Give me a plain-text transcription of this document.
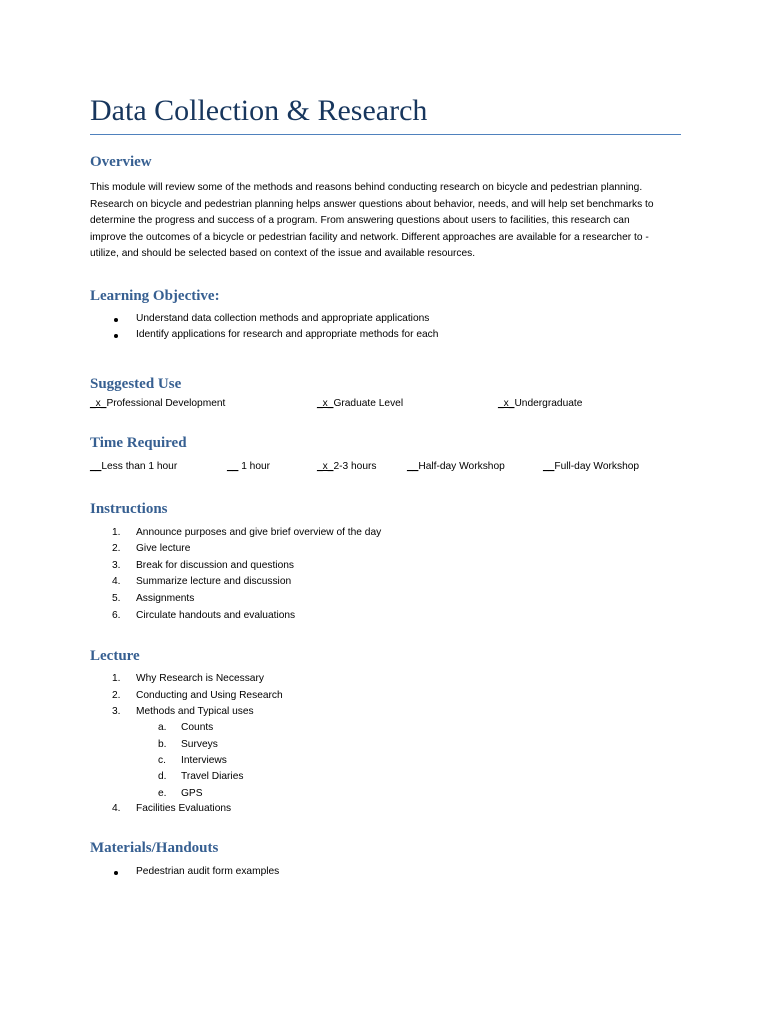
Data Collection & Research
Overview
This module will review some of the methods and reasons behind conducting research on bicycle and pedestrian planning.
Research on bicycle and pedestrian planning helps answer questions about behavior, needs, and will help set benchmarks to
determine the progress and success of a program. From answering questions about users to facilities, this research can
improve the outcomes of a bicycle or pedestrian facility and network. Different approaches are available for a researcher to -
utilize, and should be selected based on context of the issue and available resources.
Learning Objective:
Understand data collection methods and appropriate applications
Identify applications for research and appropriate methods for each
Suggested Use
_x_Professional Development	_x_Graduate Level	_x_Undergraduate
Time Required
__Less than 1 hour	__ 1 hour	_x_2-3 hours	__Half-day Workshop	__Full-day Workshop
Instructions
1. Announce purposes and give brief overview of the day
2. Give lecture
3. Break for discussion and questions
4. Summarize lecture and discussion
5. Assignments
6. Circulate handouts and evaluations
Lecture
1. Why Research is Necessary
2. Conducting and Using Research
3. Methods and Typical uses
a. Counts
b. Surveys
c. Interviews
d. Travel Diaries
e. GPS
4. Facilities Evaluations
Materials/Handouts
Pedestrian audit form examples
